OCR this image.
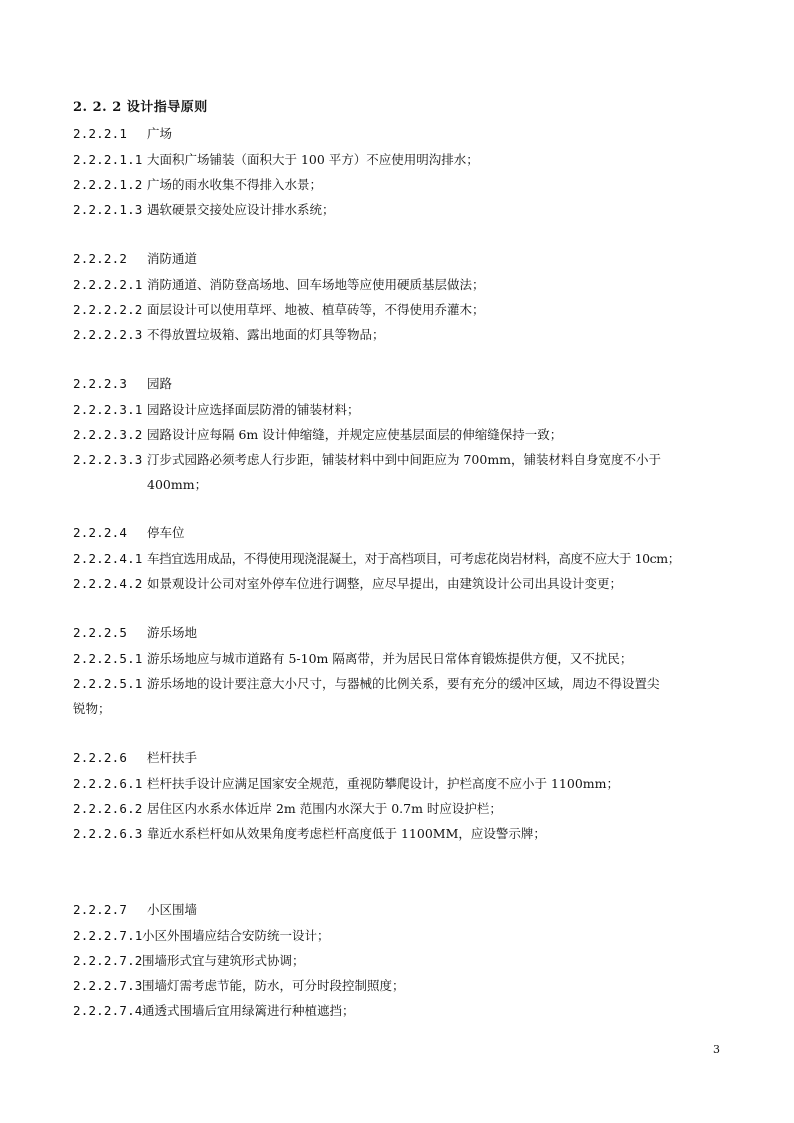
2. 2. 2 设计指导原则
2.2.2.1 广场
2.2.2.1.1 大面积广场铺装（面积大于 100 平方）不应使用明沟排水；
2.2.2.1.2 广场的雨水收集不得排入水景；
2.2.2.1.3 遇软硬景交接处应设计排水系统；
2.2.2.2 消防通道
2.2.2.2.1 消防通道、消防登高场地、回车场地等应使用硬质基层做法；
2.2.2.2.2 面层设计可以使用草坪、地被、植草砖等，不得使用乔灌木；
2.2.2.2.3 不得放置垃圾箱、露出地面的灯具等物品；
2.2.2.3 园路
2.2.2.3.1 园路设计应选择面层防滑的铺装材料；
2.2.2.3.2 园路设计应每隔 6m 设计伸缩缝，并规定应使基层面层的伸缩缝保持一致；
2.2.2.3.3 汀步式园路必须考虑人行步距，铺装材料中到中间距应为 700mm，铺装材料自身宽度不小于
400mm；
2.2.2.4 停车位
2.2.2.4.1 车挡宜选用成品，不得使用现浇混凝土，对于高档项目，可考虑花岗岩材料，高度不应大于 10cm；
2.2.2.4.2 如景观设计公司对室外停车位进行调整，应尽早提出，由建筑设计公司出具设计变更；
2.2.2.5 游乐场地
2.2.2.5.1 游乐场地应与城市道路有 5-10m 隔离带，并为居民日常体育锻炼提供方便，又不扰民；
2.2.2.5.1 游乐场地的设计要注意大小尺寸，与器械的比例关系，要有充分的缓冲区域，周边不得设置尖
锐物；
2.2.2.6 栏杆扶手
2.2.2.6.1 栏杆扶手设计应满足国家安全规范，重视防攀爬设计，护栏高度不应小于 1100mm；
2.2.2.6.2 居住区内水系水体近岸 2m 范围内水深大于 0.7m 时应设护栏；
2.2.2.6.3 靠近水系栏杆如从效果角度考虑栏杆高度低于 1100MM，应设警示牌；
2.2.2.7 小区围墙
2.2.2.7.1 小区外围墙应结合安防统一设计；
2.2.2.7.2 围墙形式宜与建筑形式协调；
2.2.2.7.3 围墙灯需考虑节能，防水，可分时段控制照度；
2.2.2.7.4 通透式围墙后宜用绿篱进行种植遮挡；
3
